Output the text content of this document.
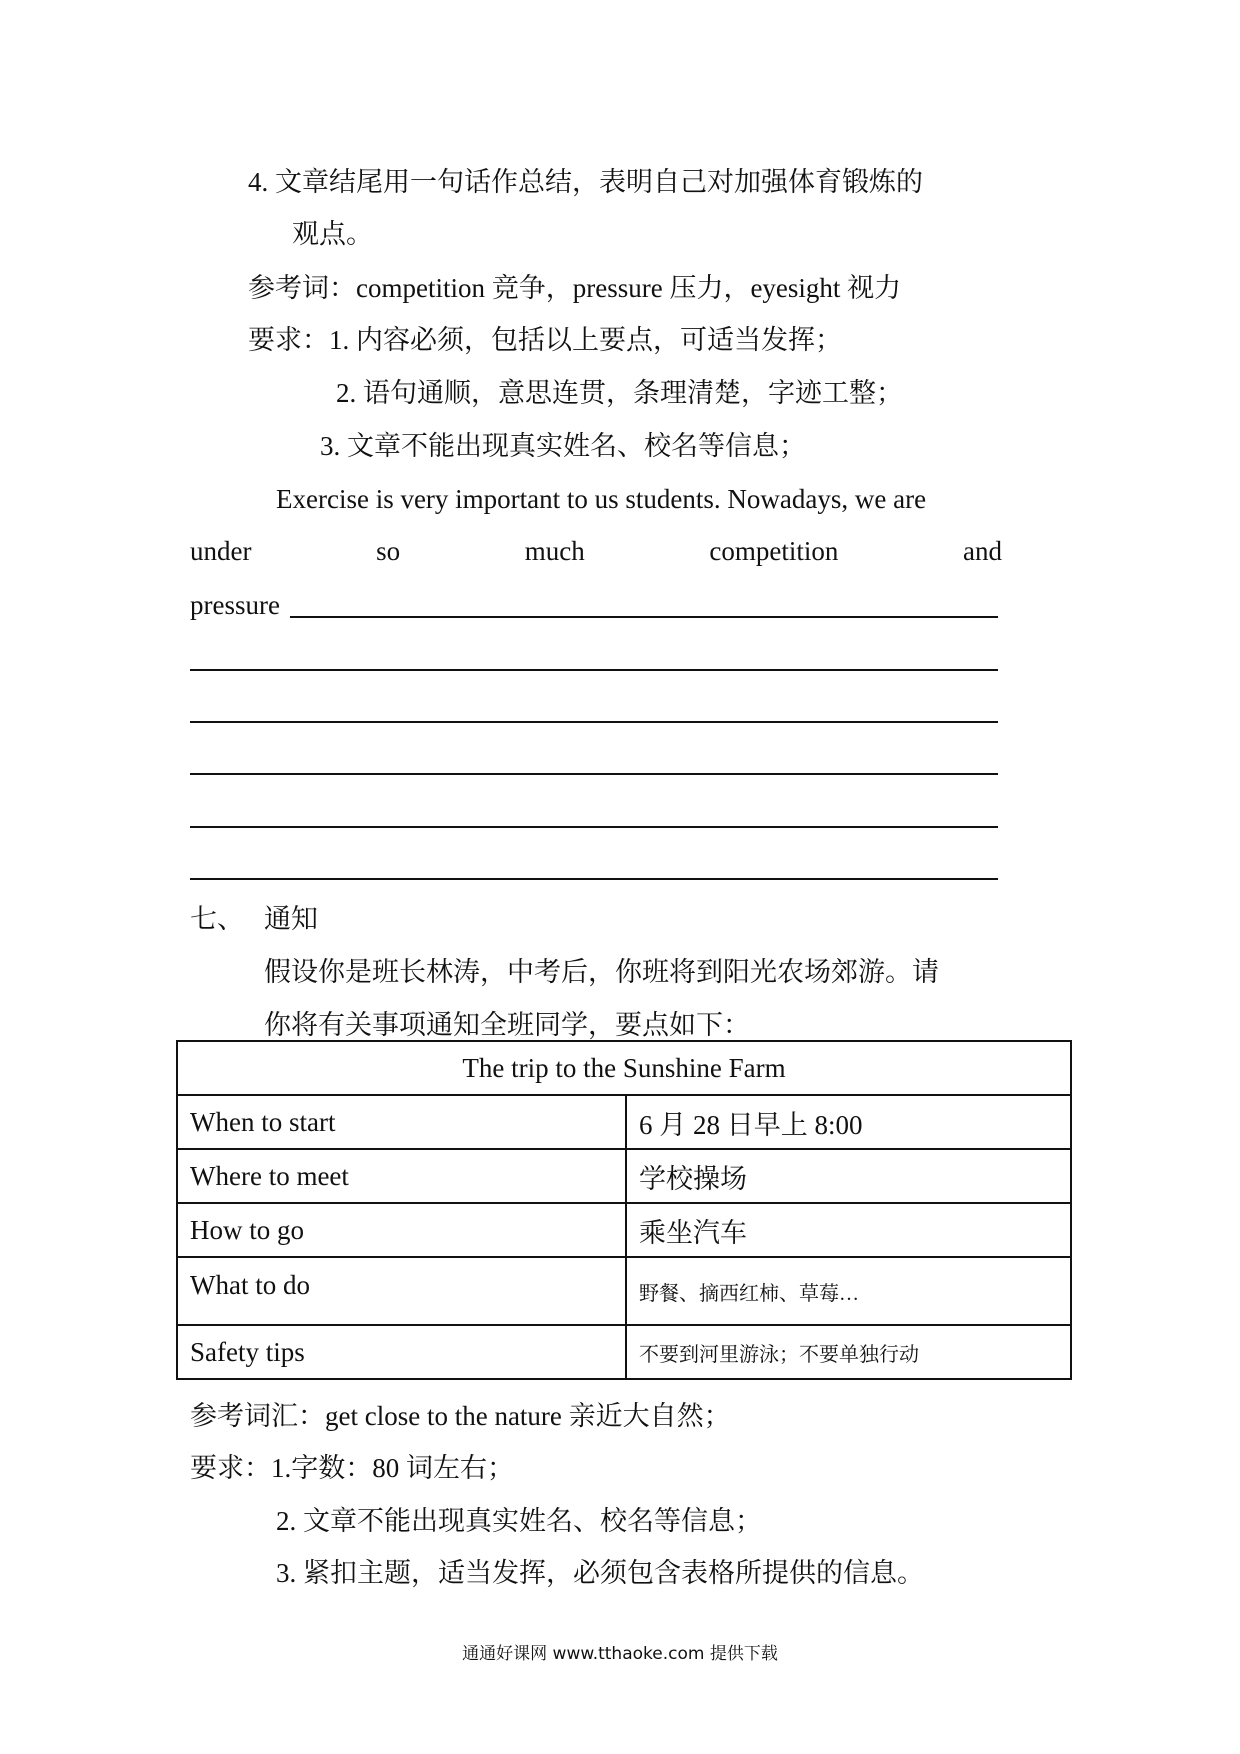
4. 文章结尾用一句话作总结，表明自己对加强体育锻炼的
观点。
参考词：competition 竞争，pressure 压力，eyesight 视力
要求：1. 内容必须，包括以上要点，可适当发挥；
2. 语句通顺，意思连贯，条理清楚，字迹工整；
3. 文章不能出现真实姓名、校名等信息；
Exercise is very important to us students. Nowadays, we are
under	so	much	competition	and
pressure
七、 通知
假设你是班长林涛，中考后，你班将到阳光农场郊游。请
你将有关事项通知全班同学，要点如下：
The trip to the Sunshine Farm	
When to start	6 月 28 日早上 8:00
Where to meet	学校操场
How to go	乘坐汽车
What to do	野餐、摘西红柿、草莓…
Safety tips	不要到河里游泳；不要单独行动
参考词汇：get close to the nature 亲近大自然；
要求：1.字数：80 词左右；
2. 文章不能出现真实姓名、校名等信息；
3. 紧扣主题，适当发挥，必须包含表格所提供的信息。
通通好课网 www.tthaoke.com 提供下载
